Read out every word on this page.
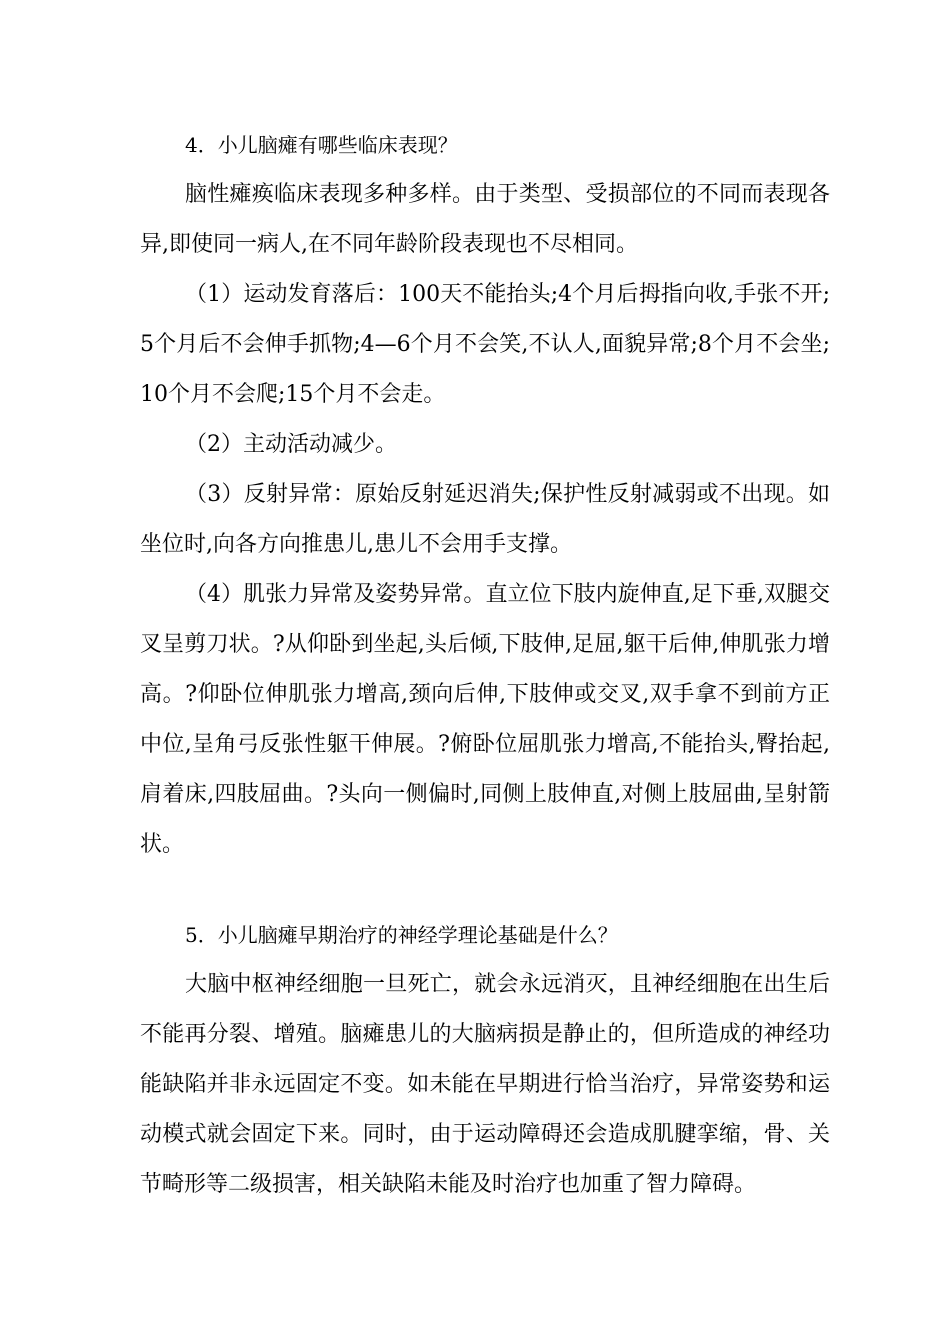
4．小儿脑瘫有哪些临床表现？

脑性瘫痪临床表现多种多样。由于类型、受损部位的不同而表现各异,即使同一病人,在不同年龄阶段表现也不尽相同。

（1）运动发育落后：100天不能抬头;4个月后拇指向收,手张不开;5个月后不会伸手抓物;4—6个月不会笑,不认人,面貌异常;8个月不会坐;10个月不会爬;15个月不会走。

（2）主动活动减少。

（3）反射异常：原始反射延迟消失;保护性反射减弱或不出现。如坐位时,向各方向推患儿,患儿不会用手支撑。

（4）肌张力异常及姿势异常。直立位下肢内旋伸直,足下垂,双腿交叉呈剪刀状。?从仰卧到坐起,头后倾,下肢伸,足屈,躯干后伸,伸肌张力增高。?仰卧位伸肌张力增高,颈向后伸,下肢伸或交叉,双手拿不到前方正中位,呈角弓反张性躯干伸展。?俯卧位屈肌张力增高,不能抬头,臀抬起,肩着床,四肢屈曲。?头向一侧偏时,同侧上肢伸直,对侧上肢屈曲,呈射箭状。

5．小儿脑瘫早期治疗的神经学理论基础是什么？

大脑中枢神经细胞一旦死亡，就会永远消灭，且神经细胞在出生后不能再分裂、增殖。脑瘫患儿的大脑病损是静止的，但所造成的神经功能缺陷并非永远固定不变。如未能在早期进行恰当治疗，异常姿势和运动模式就会固定下来。同时，由于运动障碍还会造成肌腱挛缩，骨、关节畸形等二级损害，相关缺陷未能及时治疗也加重了智力障碍。
